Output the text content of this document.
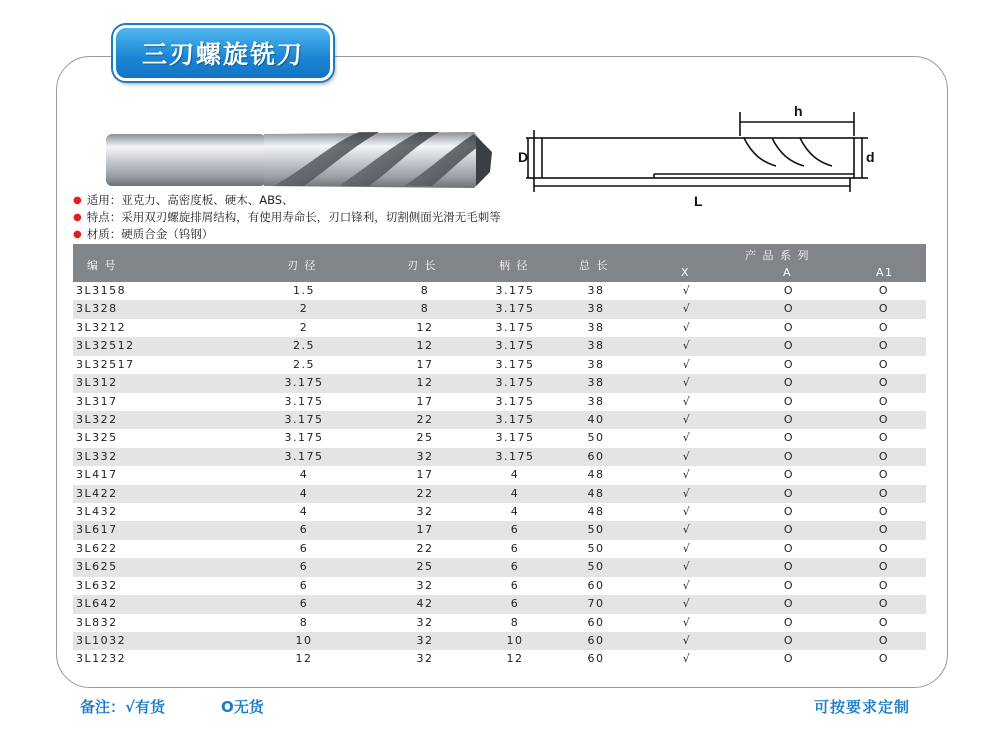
三刃螺旋铣刀
D
h
d
L
● 适用：亚克力、高密度板、硬木、ABS、
● 特点：采用双刃螺旋排屑结构，有使用寿命长，刃口锋利，切割侧面光滑无毛刺等
● 材质：硬质合金（钨钢）
编 号	刃 径	刃 长	柄 径	总 长
产 品 系 列
X	A	A1
3L3158	1.5	8	3.175	38	√	O	O
3L328	2	8	3.175	38	√	O	O
3L3212	2	12	3.175	38	√	O	O
3L32512	2.5	12	3.175	38	√	O	O
3L32517	2.5	17	3.175	38	√	O	O
3L312	3.175	12	3.175	38	√	O	O
3L317	3.175	17	3.175	38	√	O	O
3L322	3.175	22	3.175	40	√	O	O
3L325	3.175	25	3.175	50	√	O	O
3L332	3.175	32	3.175	60	√	O	O
3L417	4	17	4	48	√	O	O
3L422	4	22	4	48	√	O	O
3L432	4	32	4	48	√	O	O
3L617	6	17	6	50	√	O	O
3L622	6	22	6	50	√	O	O
3L625	6	25	6	50	√	O	O
3L632	6	32	6	60	√	O	O
3L642	6	42	6	70	√	O	O
3L832	8	32	8	60	√	O	O
3L1032	10	32	10	60	√	O	O
3L1232	12	32	12	60	√	O	O
备注：√有货	O无货	可按要求定制
